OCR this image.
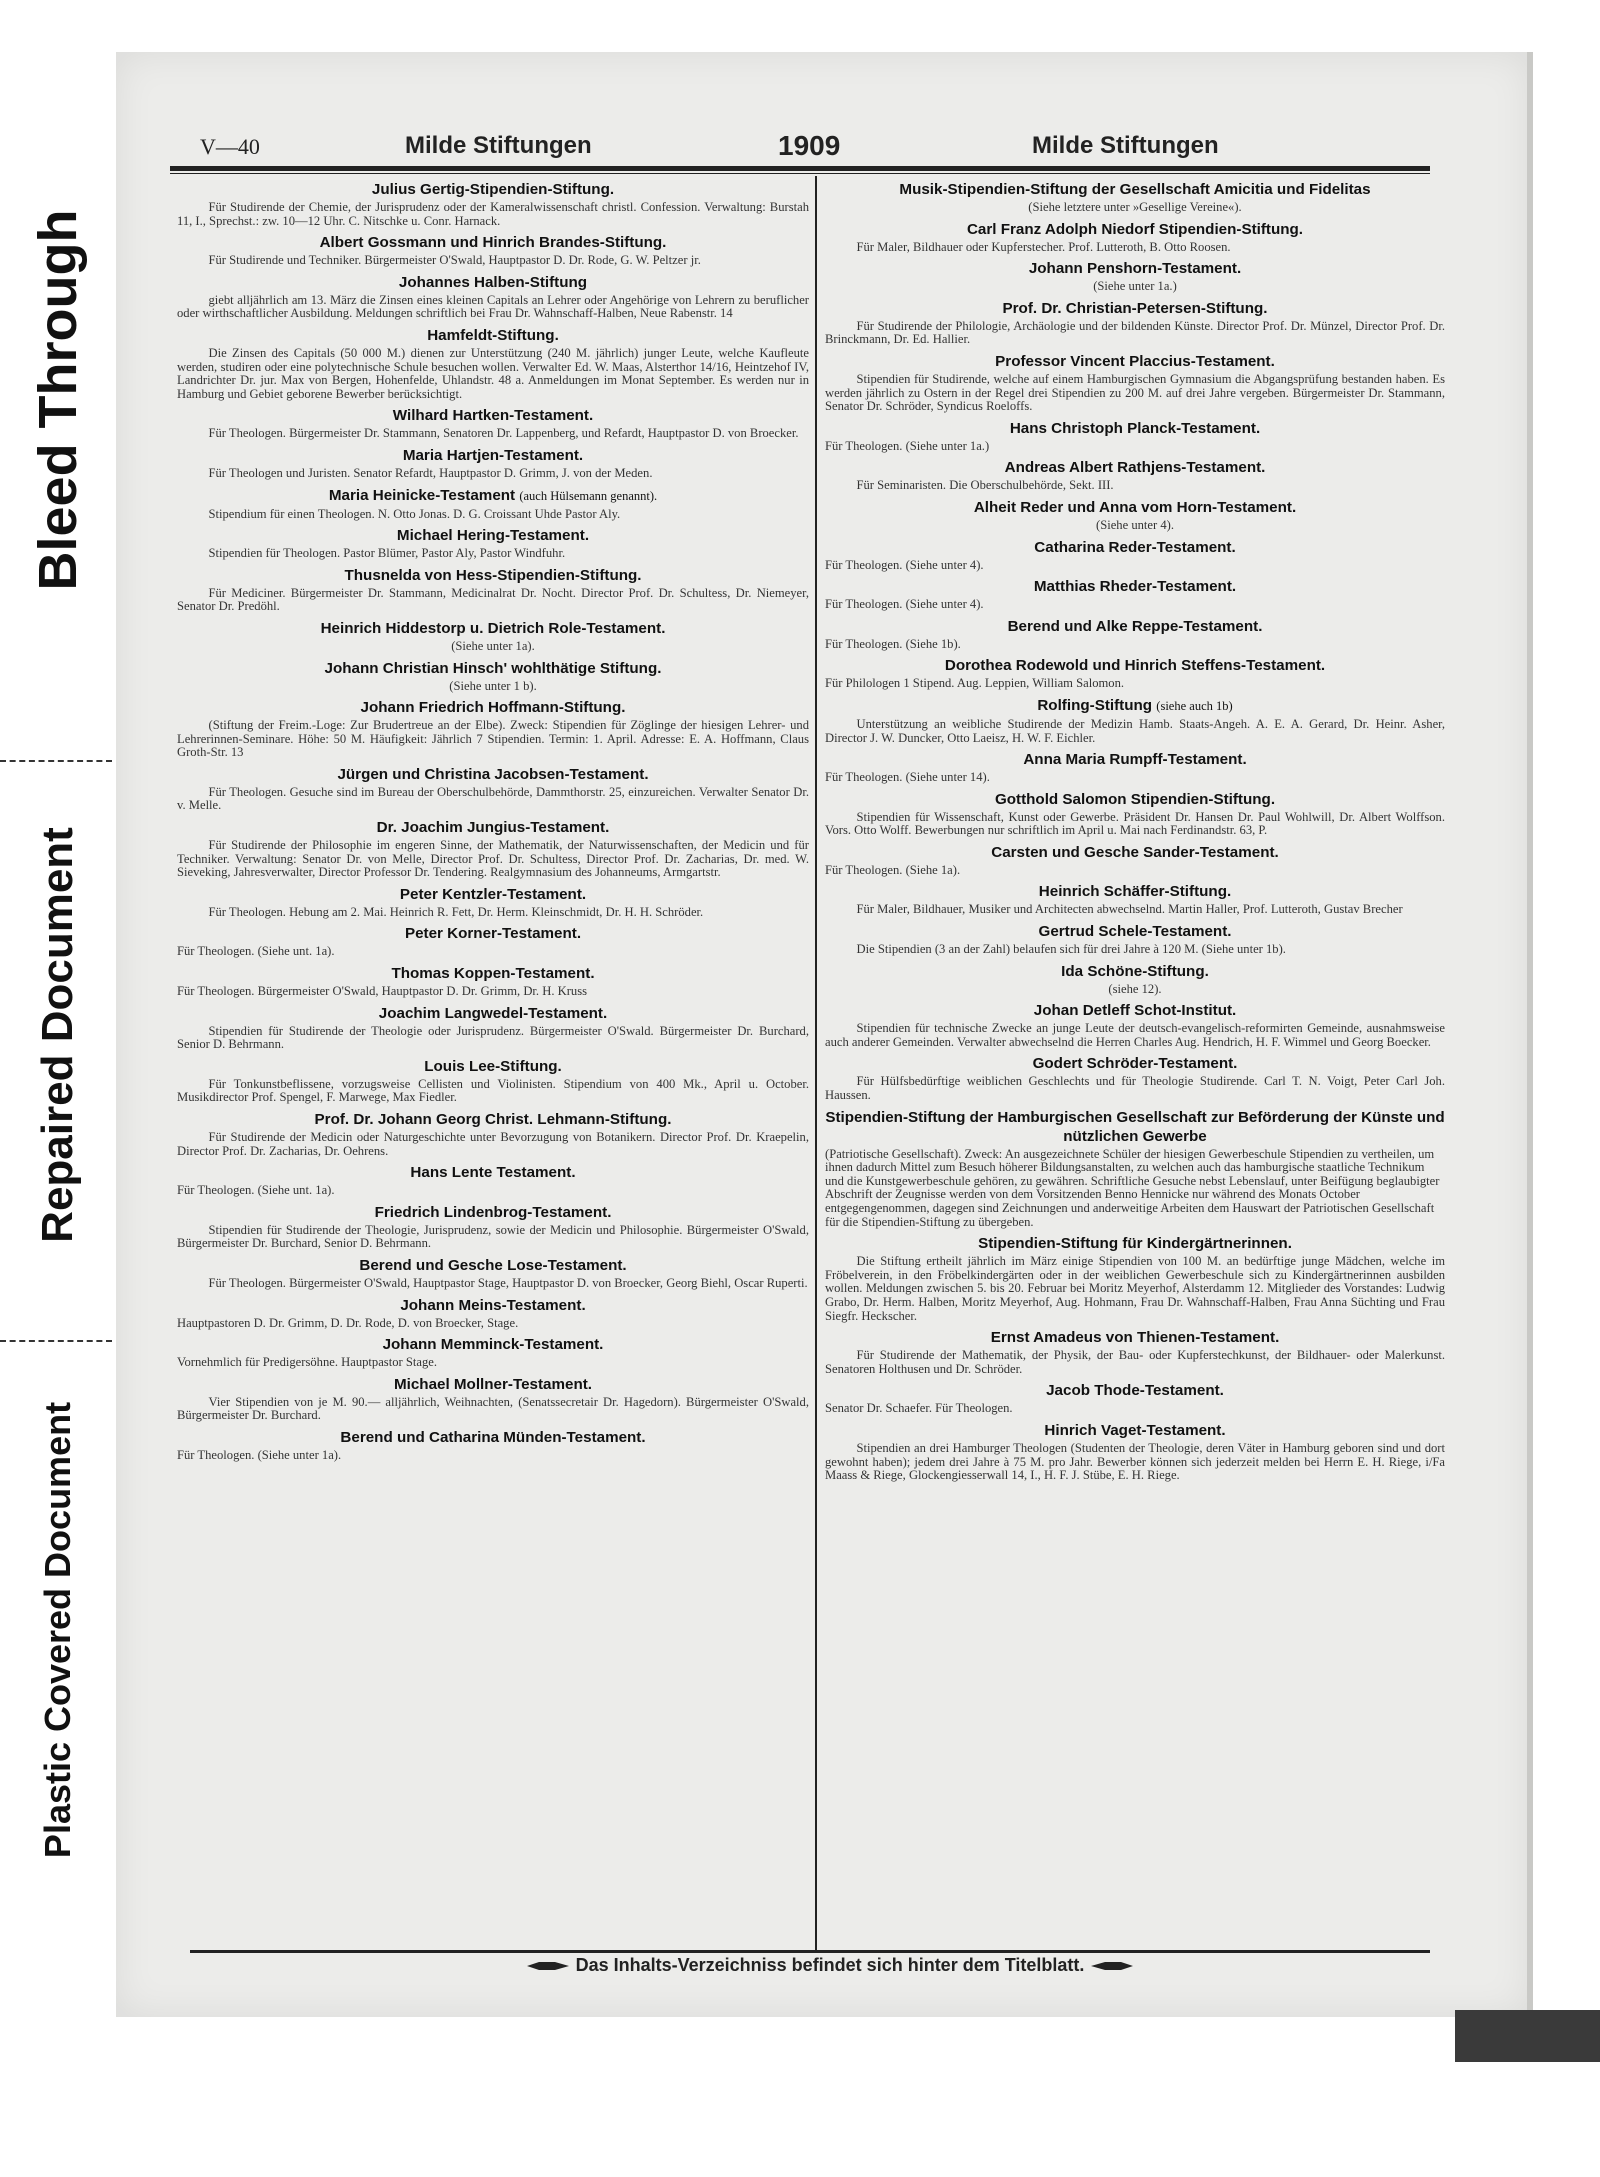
Bleed Through
Repaired Document
Plastic Covered Document
V—40	Milde Stiftungen	1909	Milde Stiftungen
Julius Gertig-Stipendien-Stiftung.

Für Studirende der Chemie, der Jurisprudenz oder der Kameralwissenschaft christl. Confession. Verwaltung: Burstah 11, I., Sprechst.: zw. 10—12 Uhr. C. Nitschke u. Conr. Harnack.

Albert Gossmann und Hinrich Brandes-Stiftung.

Für Studirende und Techniker. Bürgermeister O'Swald, Hauptpastor D. Dr. Rode, G. W. Peltzer jr.

Johannes Halben-Stiftung

giebt alljährlich am 13. März die Zinsen eines kleinen Capitals an Lehrer oder Angehörige von Lehrern zu beruflicher oder wirthschaftlicher Ausbildung. Meldungen schriftlich bei Frau Dr. Wahnschaff-Halben, Neue Rabenstr. 14

Hamfeldt-Stiftung.

Die Zinsen des Capitals (50 000 M.) dienen zur Unterstützung (240 M. jährlich) junger Leute, welche Kaufleute werden, studiren oder eine polytechnische Schule besuchen wollen. Verwalter Ed. W. Maas, Alsterthor 14/16, Heintzehof IV, Landrichter Dr. jur. Max von Bergen, Hohenfelde, Uhlandstr. 48 a. Anmeldungen im Monat September. Es werden nur in Hamburg und Gebiet geborene Bewerber berücksichtigt.

Wilhard Hartken-Testament.

Für Theologen. Bürgermeister Dr. Stammann, Senatoren Dr. Lappenberg, und Refardt, Hauptpastor D. von Broecker.

Maria Hartjen-Testament.

Für Theologen und Juristen. Senator Refardt, Hauptpastor D. Grimm, J. von der Meden.

Maria Heinicke-Testament (auch Hülsemann genannt).

Stipendium für einen Theologen. N. Otto Jonas. D. G. Croissant Uhde Pastor Aly.

Michael Hering-Testament.

Stipendien für Theologen. Pastor Blümer, Pastor Aly, Pastor Windfuhr.

Thusnelda von Hess-Stipendien-Stiftung.

Für Mediciner. Bürgermeister Dr. Stammann, Medicinalrat Dr. Nocht. Director Prof. Dr. Schultess, Dr. Niemeyer, Senator Dr. Predöhl.

Heinrich Hiddestorp u. Dietrich Role-Testament.

(Siehe unter 1a).

Johann Christian Hinsch' wohlthätige Stiftung.

(Siehe unter 1 b).

Johann Friedrich Hoffmann-Stiftung.

(Stiftung der Freim.-Loge: Zur Brudertreue an der Elbe). Zweck: Stipendien für Zöglinge der hiesigen Lehrer- und Lehrerinnen-Seminare. Höhe: 50 M. Häufigkeit: Jährlich 7 Stipendien. Termin: 1. April. Adresse: E. A. Hoffmann, Claus Groth-Str. 13

Jürgen und Christina Jacobsen-Testament.

Für Theologen. Gesuche sind im Bureau der Oberschulbehörde, Dammthorstr. 25, einzureichen. Verwalter Senator Dr. v. Melle.

Dr. Joachim Jungius-Testament.

Für Studirende der Philosophie im engeren Sinne, der Mathematik, der Naturwissenschaften, der Medicin und für Techniker. Verwaltung: Senator Dr. von Melle, Director Prof. Dr. Schultess, Director Prof. Dr. Zacharias, Dr. med. W. Sieveking, Jahresverwalter, Director Professor Dr. Tendering. Realgymnasium des Johanneums, Armgartstr.

Peter Kentzler-Testament.

Für Theologen. Hebung am 2. Mai. Heinrich R. Fett, Dr. Herm. Kleinschmidt, Dr. H. H. Schröder.

Peter Korner-Testament.

Für Theologen. (Siehe unt. 1a).

Thomas Koppen-Testament.

Für Theologen. Bürgermeister O'Swald, Hauptpastor D. Dr. Grimm, Dr. H. Kruss

Joachim Langwedel-Testament.

Stipendien für Studirende der Theologie oder Jurisprudenz. Bürgermeister O'Swald. Bürgermeister Dr. Burchard, Senior D. Behrmann.

Louis Lee-Stiftung.

Für Tonkunstbeflissene, vorzugsweise Cellisten und Violinisten. Stipendium von 400 Mk., April u. October. Musikdirector Prof. Spengel, F. Marwege, Max Fiedler.

Prof. Dr. Johann Georg Christ. Lehmann-Stiftung.

Für Studirende der Medicin oder Naturgeschichte unter Bevorzugung von Botanikern. Director Prof. Dr. Kraepelin, Director Prof. Dr. Zacharias, Dr. Oehrens.

Hans Lente Testament.

Für Theologen. (Siehe unt. 1a).

Friedrich Lindenbrog-Testament.

Stipendien für Studirende der Theologie, Jurisprudenz, sowie der Medicin und Philosophie. Bürgermeister O'Swald, Bürgermeister Dr. Burchard, Senior D. Behrmann.

Berend und Gesche Lose-Testament.

Für Theologen. Bürgermeister O'Swald, Hauptpastor Stage, Hauptpastor D. von Broecker, Georg Biehl, Oscar Ruperti.

Johann Meins-Testament.

Hauptpastoren D. Dr. Grimm, D. Dr. Rode, D. von Broecker, Stage.

Johann Memminck-Testament.

Vornehmlich für Predigersöhne. Hauptpastor Stage.

Michael Mollner-Testament.

Vier Stipendien von je M. 90.— alljährlich, Weihnachten, (Senatssecretair Dr. Hagedorn). Bürgermeister O'Swald, Bürgermeister Dr. Burchard.

Berend und Catharina Münden-Testament.

Für Theologen. (Siehe unter 1a).

Musik-Stipendien-Stiftung der Gesellschaft Amicitia und Fidelitas

(Siehe letztere unter »Gesellige Vereine«).

Carl Franz Adolph Niedorf Stipendien-Stiftung.

Für Maler, Bildhauer oder Kupferstecher. Prof. Lutteroth, B. Otto Roosen.

Johann Penshorn-Testament.

(Siehe unter 1a.)

Prof. Dr. Christian-Petersen-Stiftung.

Für Studirende der Philologie, Archäologie und der bildenden Künste. Director Prof. Dr. Münzel, Director Prof. Dr. Brinckmann, Dr. Ed. Hallier.

Professor Vincent Placcius-Testament.

Stipendien für Studirende, welche auf einem Hamburgischen Gymnasium die Abgangsprüfung bestanden haben. Es werden jährlich zu Ostern in der Regel drei Stipendien zu 200 M. auf drei Jahre vergeben. Bürgermeister Dr. Stammann, Senator Dr. Schröder, Syndicus Roeloffs.

Hans Christoph Planck-Testament.

Für Theologen. (Siehe unter 1a.)

Andreas Albert Rathjens-Testament.

Für Seminaristen. Die Oberschulbehörde, Sekt. III.

Alheit Reder und Anna vom Horn-Testament.

(Siehe unter 4).

Catharina Reder-Testament.

Für Theologen. (Siehe unter 4).

Matthias Rheder-Testament.

Für Theologen. (Siehe unter 4).

Berend und Alke Reppe-Testament.

Für Theologen. (Siehe 1b).

Dorothea Rodewold und Hinrich Steffens-Testament.

Für Philologen 1 Stipend. Aug. Leppien, William Salomon.

Rolfing-Stiftung (siehe auch 1b)

Unterstützung an weibliche Studirende der Medizin Hamb. Staats-Angeh. A. E. A. Gerard, Dr. Heinr. Asher, Director J. W. Duncker, Otto Laeisz, H. W. F. Eichler.

Anna Maria Rumpff-Testament.

Für Theologen. (Siehe unter 14).

Gotthold Salomon Stipendien-Stiftung.

Stipendien für Wissenschaft, Kunst oder Gewerbe. Präsident Dr. Hansen Dr. Paul Wohlwill, Dr. Albert Wolffson. Vors. Otto Wolff. Bewerbungen nur schriftlich im April u. Mai nach Ferdinandstr. 63, P.

Carsten und Gesche Sander-Testament.

Für Theologen. (Siehe 1a).

Heinrich Schäffer-Stiftung.

Für Maler, Bildhauer, Musiker und Architecten abwechselnd. Martin Haller, Prof. Lutteroth, Gustav Brecher

Gertrud Schele-Testament.

Die Stipendien (3 an der Zahl) belaufen sich für drei Jahre à 120 M. (Siehe unter 1b).

Ida Schöne-Stiftung.

(siehe 12).

Johan Detleff Schot-Institut.

Stipendien für technische Zwecke an junge Leute der deutsch-evangelisch-reformirten Gemeinde, ausnahmsweise auch anderer Gemeinden. Verwalter abwechselnd die Herren Charles Aug. Hendrich, H. F. Wimmel und Georg Boecker.

Godert Schröder-Testament.

Für Hülfsbedürftige weiblichen Geschlechts und für Theologie Studirende. Carl T. N. Voigt, Peter Carl Joh. Haussen.

Stipendien-Stiftung der Hamburgischen Gesellschaft zur Beförderung der Künste und nützlichen Gewerbe

(Patriotische Gesellschaft). Zweck: An ausgezeichnete Schüler der hiesigen Gewerbeschule Stipendien zu vertheilen, um ihnen dadurch Mittel zum Besuch höherer Bildungsanstalten, zu welchen auch das hamburgische staatliche Technikum und die Kunstgewerbeschule gehören, zu gewähren. Schriftliche Gesuche nebst Lebenslauf, unter Beifügung beglaubigter Abschrift der Zeugnisse werden von dem Vorsitzenden Benno Hennicke nur während des Monats October entgegengenommen, dagegen sind Zeichnungen und anderweitige Arbeiten dem Hauswart der Patriotischen Gesellschaft für die Stipendien-Stiftung zu übergeben.

Stipendien-Stiftung für Kindergärtnerinnen.

Die Stiftung ertheilt jährlich im März einige Stipendien von 100 M. an bedürftige junge Mädchen, welche im Fröbelverein, in den Fröbelkindergärten oder in der weiblichen Gewerbeschule sich zu Kindergärtnerinnen ausbilden wollen. Meldungen zwischen 5. bis 20. Februar bei Moritz Meyerhof, Alsterdamm 12. Mitglieder des Vorstandes: Ludwig Grabo, Dr. Herm. Halben, Moritz Meyerhof, Aug. Hohmann, Frau Dr. Wahnschaff-Halben, Frau Anna Süchting und Frau Siegfr. Heckscher.

Ernst Amadeus von Thienen-Testament.

Für Studirende der Mathematik, der Physik, der Bau- oder Kupferstechkunst, der Bildhauer- oder Malerkunst. Senatoren Holthusen und Dr. Schröder.

Jacob Thode-Testament.

Senator Dr. Schaefer. Für Theologen.

Hinrich Vaget-Testament.

Stipendien an drei Hamburger Theologen (Studenten der Theologie, deren Väter in Hamburg geboren sind und dort gewohnt haben); jedem drei Jahre à 75 M. pro Jahr. Bewerber können sich jederzeit melden bei Herrn E. H. Riege, i/Fa Maass & Riege, Glockengiesserwall 14, I., H. F. J. Stübe, E. H. Riege.

Das Inhalts-Verzeichniss befindet sich hinter dem Titelblatt.
